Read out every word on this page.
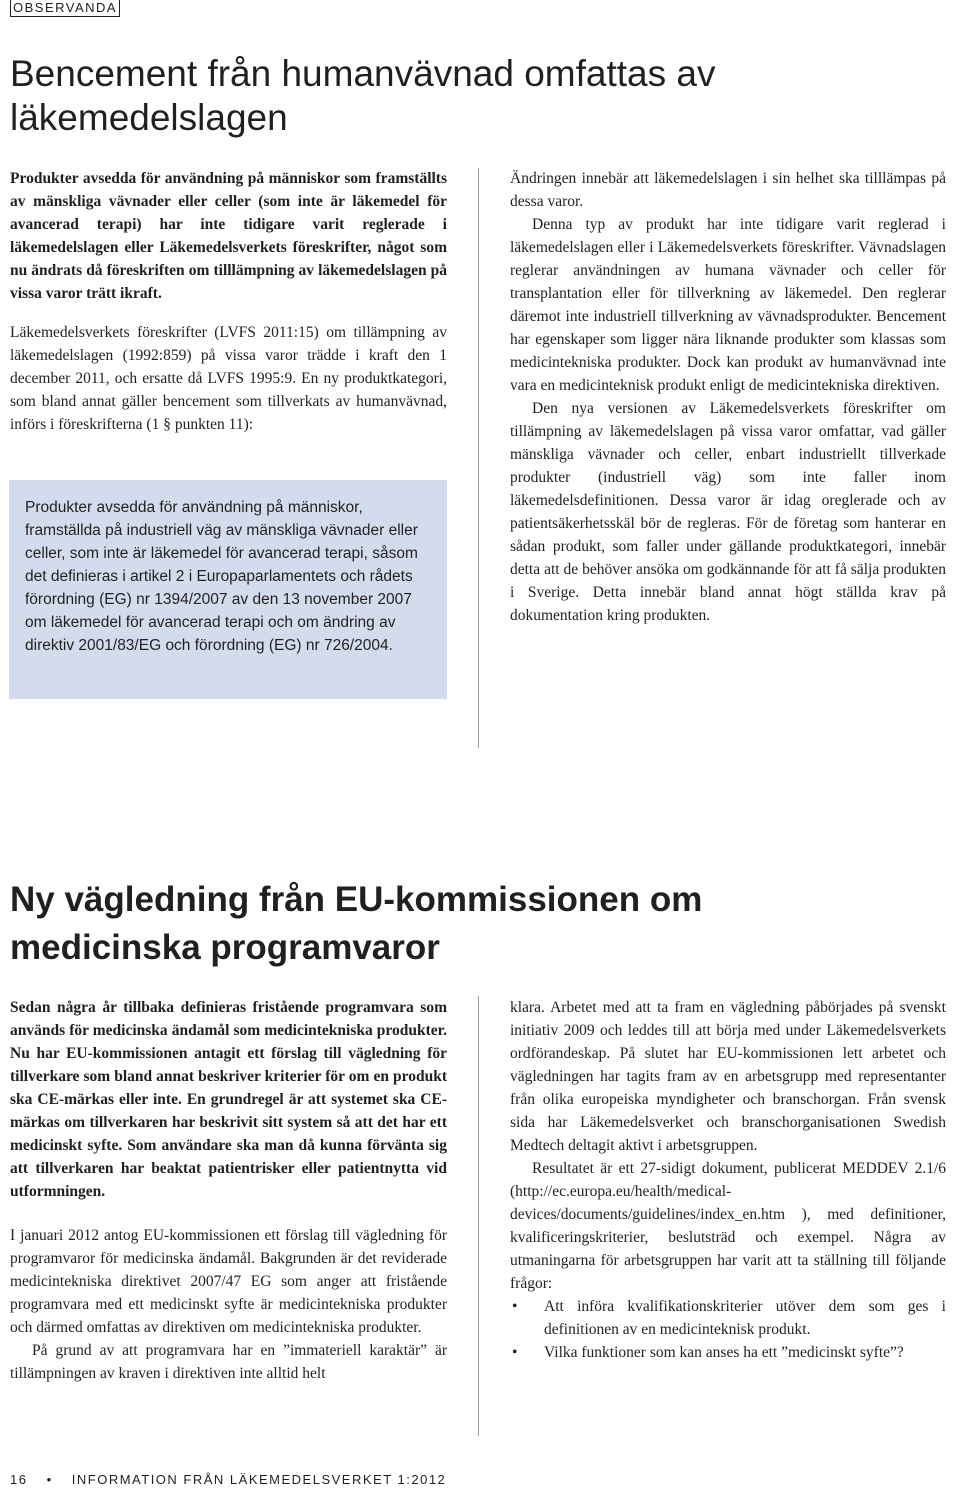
OBSERVANDA
Bencement från humanvävnad omfattas av läkemedelslagen

Produkter avsedda för användning på människor som framställts av mänskliga vävnader eller celler (som inte är läkemedel för avancerad terapi) har inte tidigare varit reglerade i läkemedelslagen eller Läkemedelsverkets föreskrifter, något som nu ändrats då föreskriften om tilllämpning av läkemedelslagen på vissa varor trätt ikraft.

Läkemedelsverkets föreskrifter (LVFS 2011:15) om tillämpning av läkemedelslagen (1992:859) på vissa varor trädde i kraft den 1 december 2011, och ersatte då LVFS 1995:9. En ny produktkategori, som bland annat gäller bencement som tillverkats av humanvävnad, införs i föreskrifterna (1 § punkten 11):

Produkter avsedda för användning på människor, framställda på industriell väg av mänskliga vävnader eller celler, som inte är läkemedel för avancerad terapi, såsom det definieras i artikel 2 i Europaparlamentets och rådets förordning (EG) nr 1394/2007 av den 13 november 2007 om läkemedel för avancerad terapi och om ändring av direktiv 2001/83/EG och förordning (EG) nr 726/2004.

Ändringen innebär att läkemedelslagen i sin helhet ska tilllämpas på dessa varor.

Denna typ av produkt har inte tidigare varit reglerad i läkemedelslagen eller i Läkemedelsverkets föreskrifter. Vävnadslagen reglerar användningen av humana vävnader och celler för transplantation eller för tillverkning av läkemedel. Den reglerar däremot inte industriell tillverkning av vävnadsprodukter. Bencement har egenskaper som ligger nära liknande produkter som klassas som medicintekniska produkter. Dock kan produkt av humanvävnad inte vara en medicinteknisk produkt enligt de medicintekniska direktiven.

Den nya versionen av Läkemedelsverkets föreskrifter om tillämpning av läkemedelslagen på vissa varor omfattar, vad gäller mänskliga vävnader och celler, enbart industriellt tillverkade produkter (industriell väg) som inte faller inom läkemedelsdefinitionen. Dessa varor är idag oreglerade och av patientsäkerhetsskäl bör de regleras. För de företag som hanterar en sådan produkt, som faller under gällande produktkategori, innebär detta att de behöver ansöka om godkännande för att få sälja produkten i Sverige. Detta innebär bland annat högt ställda krav på dokumentation kring produkten.

Ny vägledning från EU-kommissionen om medicinska programvaror

Sedan några år tillbaka definieras fristående programvara som används för medicinska ändamål som medicintekniska produkter. Nu har EU-kommissionen antagit ett förslag till vägledning för tillverkare som bland annat beskriver kriterier för om en produkt ska CE-märkas eller inte. En grundregel är att systemet ska CE-märkas om tillverkaren har beskrivit sitt system så att det har ett medicinskt syfte. Som användare ska man då kunna förvänta sig att tillverkaren har beaktat patientrisker eller patientnytta vid utformningen.

I januari 2012 antog EU-kommissionen ett förslag till vägledning för programvaror för medicinska ändamål. Bakgrunden är det reviderade medicintekniska direktivet 2007/47 EG som anger att fristående programvara med ett medicinskt syfte är medicintekniska produkter och därmed omfattas av direktiven om medicintekniska produkter.

På grund av att programvara har en ”immateriell karaktär” är tillämpningen av kraven i direktiven inte alltid helt

klara. Arbetet med att ta fram en vägledning påbörjades på svenskt initiativ 2009 och leddes till att börja med under Läkemedelsverkets ordförandeskap. På slutet har EU-kommissionen lett arbetet och vägledningen har tagits fram av en arbetsgrupp med representanter från olika europeiska myndigheter och branschorgan. Från svensk sida har Läkemedelsverket och branschorganisationen Swedish Medtech deltagit aktivt i arbetsgruppen.

Resultatet är ett 27-sidigt dokument, publicerat MEDDEV 2.1/6 (http://ec.europa.eu/health/medical-devices/documents/guidelines/index_en.htm ), med definitioner, kvalificeringskriterier, beslutsträd och exempel. Några av utmaningarna för arbetsgruppen har varit att ta ställning till följande frågor:

• Att införa kvalifikationskriterier utöver dem som ges i definitionen av en medicinteknisk produkt.
• Vilka funktioner som kan anses ha ett ”medicinskt syfte”?
16 • INFORMATION FRÅN LÄKEMEDELSVERKET 1:2012
